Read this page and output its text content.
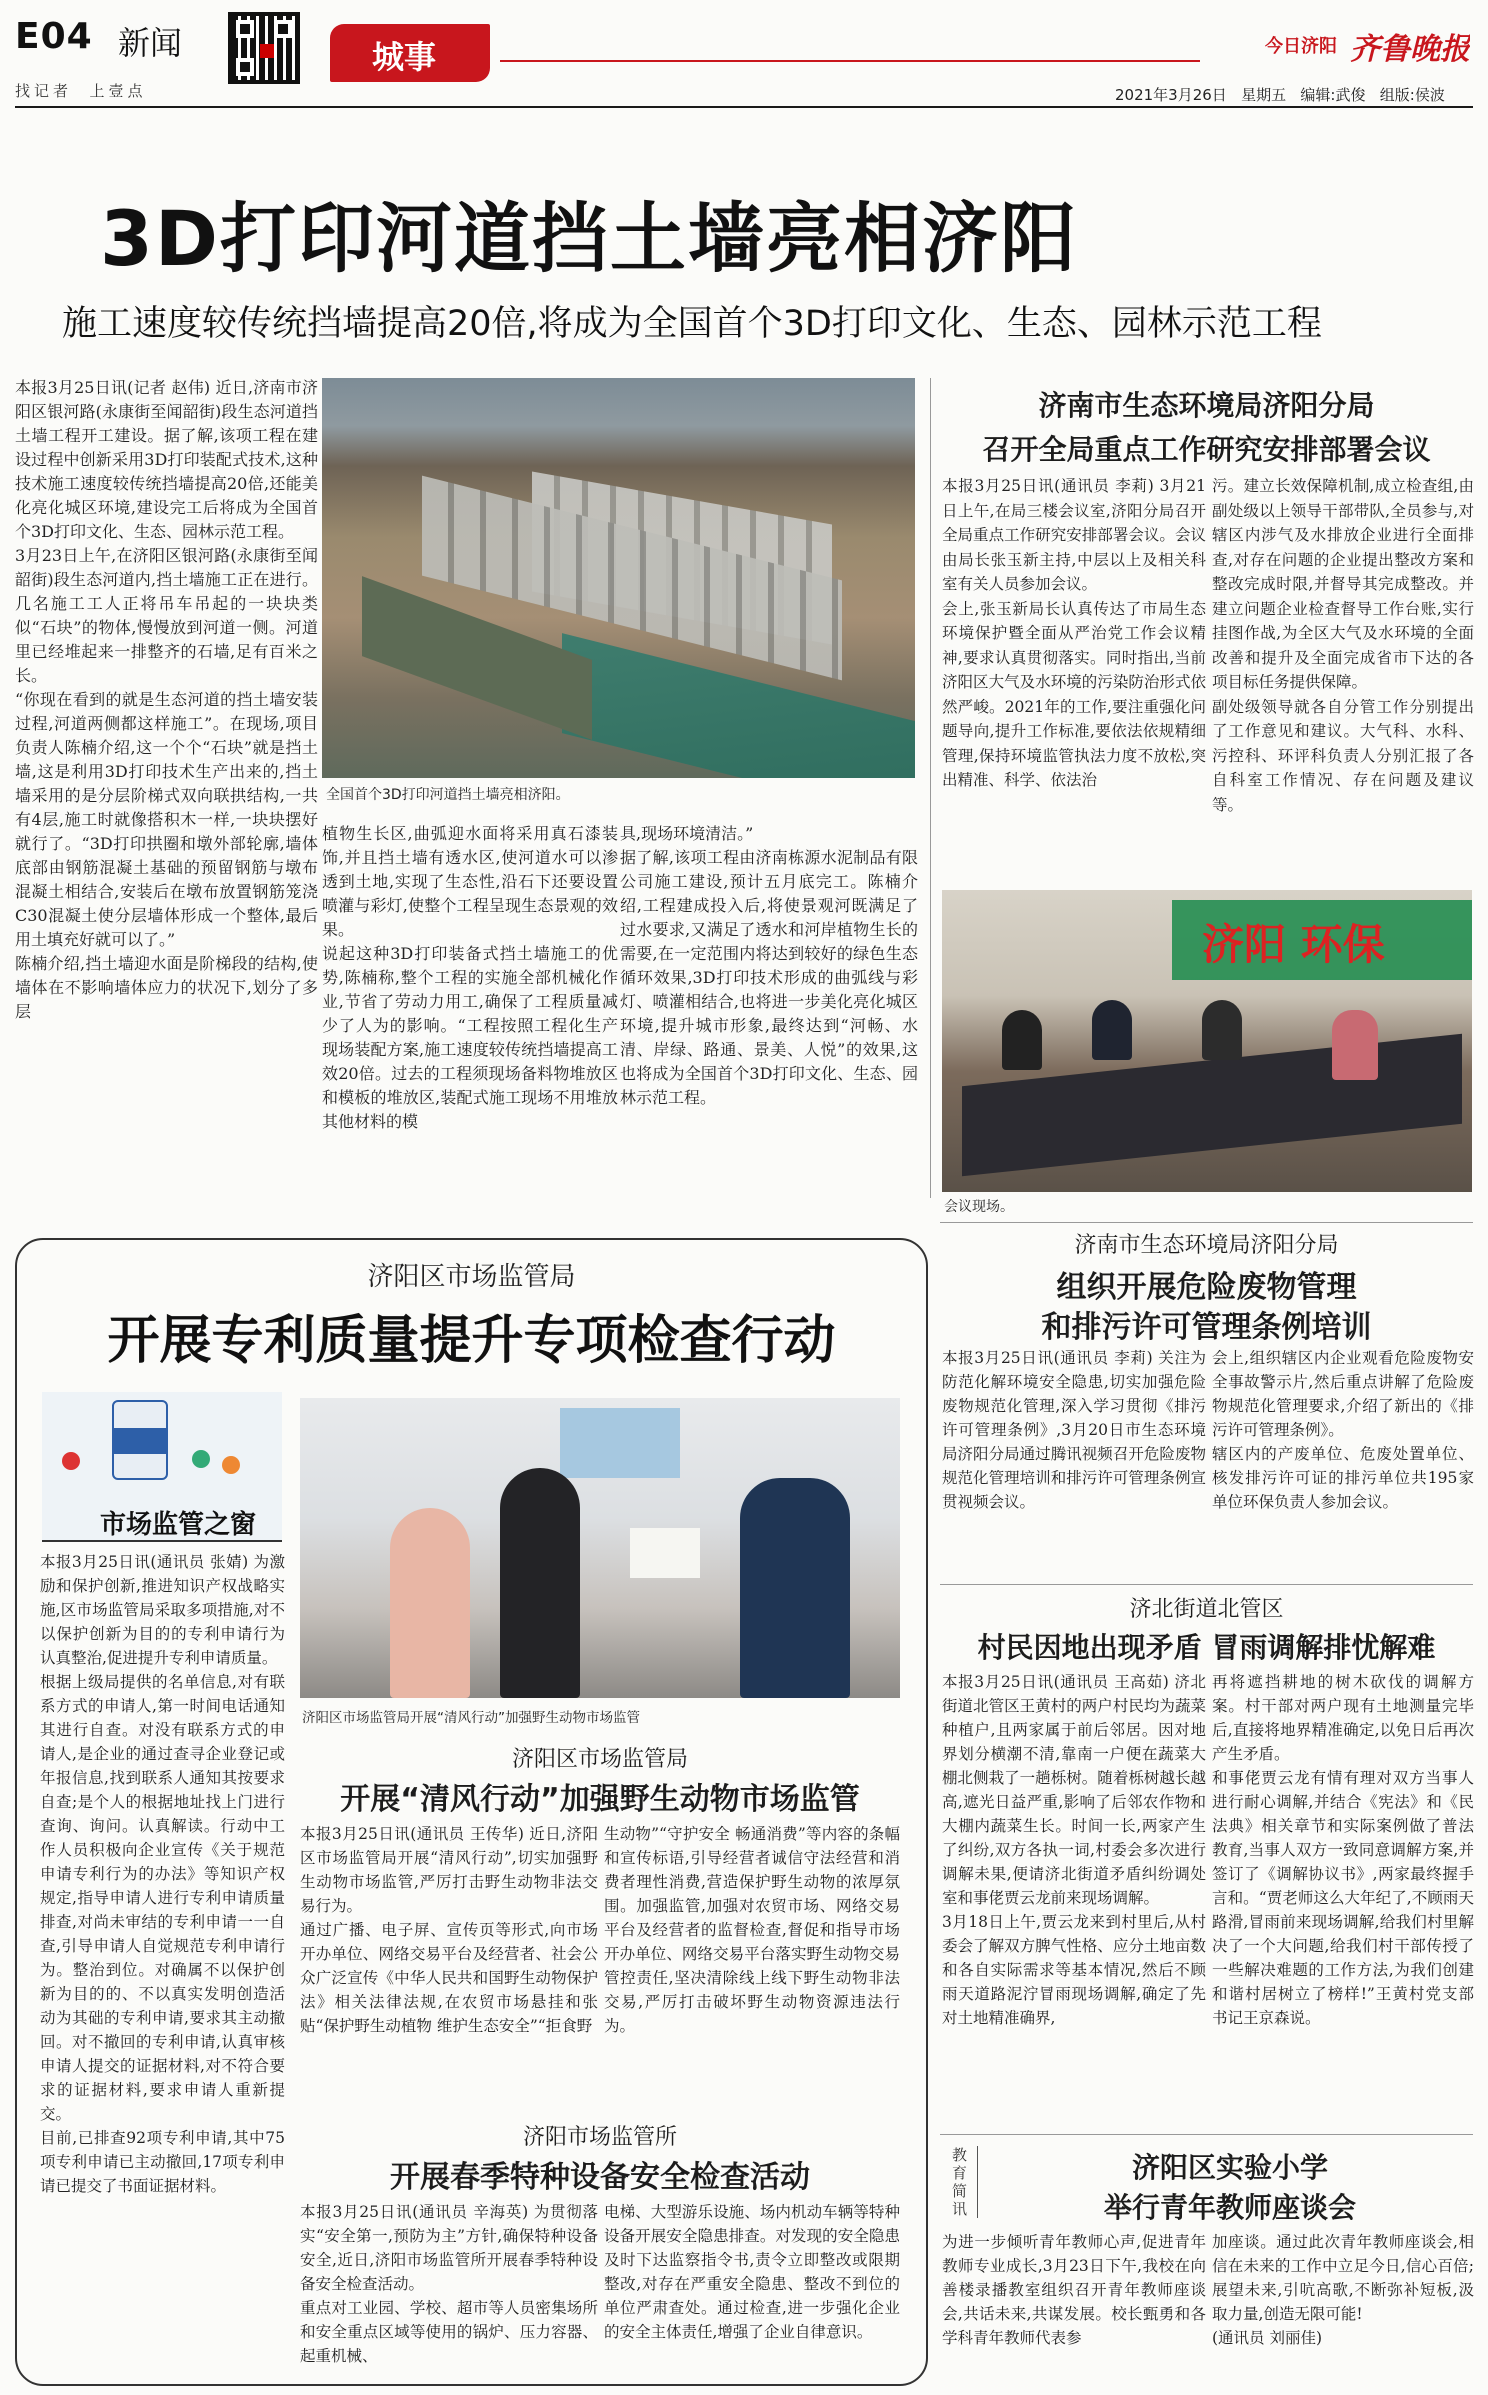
E04 新闻
找记者  上壹点
城事	今日济阳 齐鲁晚报
2021年3月26日   星期五   编辑:武俊   组版:侯波
3D打印河道挡土墙亮相济阳
施工速度较传统挡墙提高20倍,将成为全国首个3D打印文化、生态、园林示范工程
本报3月25日讯(记者 赵伟) 近日,济南市济阳区银河路(永康街至闻韶街)段生态河道挡土墙工程开工建设。据了解,该项工程在建设过程中创新采用3D打印装配式技术,这种技术施工速度较传统挡墙提高20倍,还能美化亮化城区环境,建设完工后将成为全国首个3D打印文化、生态、园林示范工程。
3月23日上午,在济阳区银河路(永康街至闻韶街)段生态河道内,挡土墙施工正在进行。几名施工工人正将吊车吊起的一块块类似“石块”的物体,慢慢放到河道一侧。河道里已经堆起来一排整齐的石墙,足有百米之长。
“你现在看到的就是生态河道的挡土墙安装过程,河道两侧都这样施工”。在现场,项目负责人陈楠介绍,这一个个“石块”就是挡土墙,这是利用3D打印技术生产出来的,挡土墙采用的是分层阶梯式双向联拱结构,一共有4层,施工时就像搭积木一样,一块块摆好就行了。“3D打印拱圈和墩外部轮廓,墙体底部由钢筋混凝土基础的预留钢筋与墩布混凝土相结合,安装后在墩布放置钢筋笼浇C30混凝土使分层墙体形成一个整体,最后用土填充好就可以了。”
陈楠介绍,挡土墙迎水面是阶梯段的结构,使墙体在不影响墙体应力的状况下,划分了多层
全国首个3D打印河道挡土墙亮相济阳。
植物生长区,曲弧迎水面将采用真石漆装饰,并且挡土墙有透水区,使河道水可以渗透到土地,实现了生态性,沿石下还要设置喷灌与彩灯,使整个工程呈现生态景观的效果。
说起这种3D打印装备式挡土墙施工的优势,陈楠称,整个工程的实施全部机械化作业,节省了劳动力用工,确保了工程质量减少了人为的影响。“工程按照工程化生产现场装配方案,施工速度较传统挡墙提高工效20倍。过去的工程须现场备料物堆放区和模板的堆放区,装配式施工现场不用堆放其他材料的模
具,现场环境清洁。”
据了解,该项工程由济南栋源水泥制品有限公司施工建设,预计五月底完工。陈楠介绍,工程建成投入后,将使景观河既满足了过水要求,又满足了透水和河岸植物生长的需要,在一定范围内将达到较好的绿色生态循环效果,3D打印技术形成的曲弧线与彩灯、喷灌相结合,也将进一步美化亮化城区环境,提升城市形象,最终达到“河畅、水清、岸绿、路通、景美、人悦”的效果,这也将成为全国首个3D打印文化、生态、园林示范工程。
济南市生态环境局济阳分局
召开全局重点工作研究安排部署会议
本报3月25日讯(通讯员 李莉) 3月21日上午,在局三楼会议室,济阳分局召开全局重点工作研究安排部署会议。会议由局长张玉新主持,中层以上及相关科室有关人员参加会议。
会上,张玉新局长认真传达了市局生态环境保护暨全面从严治党工作会议精神,要求认真贯彻落实。同时指出,当前济阳区大气及水环境的污染防治形式依然严峻。2021年的工作,要注重强化问题导向,提升工作标准,要依法依规精细管理,保持环境监管执法力度不放松,突出精准、科学、依法治
污。建立长效保障机制,成立检查组,由副处级以上领导干部带队,全员参与,对辖区内涉气及水排放企业进行全面排查,对存在问题的企业提出整改方案和整改完成时限,并督导其完成整改。并建立问题企业检查督导工作台账,实行挂图作战,为全区大气及水环境的全面改善和提升及全面完成省市下达的各项目标任务提供保障。
副处级领导就各自分管工作分别提出了工作意见和建议。大气科、水科、污控科、环评科负责人分别汇报了各自科室工作情况、存在问题及建议等。
济阳 环保
会议现场。
济阳区市场监管局
开展专利质量提升专项检查行动
市场监管之窗
本报3月25日讯(通讯员 张婧) 为激励和保护创新,推进知识产权战略实施,区市场监管局采取多项措施,对不以保护创新为目的的专利申请行为认真整治,促进提升专利申请质量。
根据上级局提供的名单信息,对有联系方式的申请人,第一时间电话通知其进行自查。对没有联系方式的申请人,是企业的通过查寻企业登记或年报信息,找到联系人通知其按要求自查;是个人的根据地址找上门进行查询、询问。认真解读。行动中工作人员积极向企业宣传《关于规范申请专利行为的办法》等知识产权规定,指导申请人进行专利申请质量排查,对尚未审结的专利申请一一自查,引导申请人自觉规范专利申请行为。整治到位。对确属不以保护创新为目的的、不以真实发明创造活动为其础的专利申请,要求其主动撤回。对不撤回的专利申请,认真审核申请人提交的证据材料,对不符合要求的证据材料,要求申请人重新提交。
目前,已排查92项专利申请,其中75项专利申请已主动撤回,17项专利申请已提交了书面证据材料。
济阳区市场监管局开展“清风行动”加强野生动物市场监管
济阳区市场监管局
开展“清风行动”加强野生动物市场监管
本报3月25日讯(通讯员 王传华) 近日,济阳区市场监管局开展“清风行动”,切实加强野生动物市场监管,严厉打击野生动物非法交易行为。
通过广播、电子屏、宣传页等形式,向市场开办单位、网络交易平台及经营者、社会公众广泛宣传《中华人民共和国野生动物保护法》相关法律法规,在农贸市场悬挂和张贴“保护野生动植物 维护生态安全”“拒食野
生动物”“守护安全 畅通消费”等内容的条幅和宣传标语,引导经营者诚信守法经营和消费者理性消费,营造保护野生动物的浓厚氛围。加强监管,加强对农贸市场、网络交易平台及经营者的监督检查,督促和指导市场开办单位、网络交易平台落实野生动物交易管控责任,坚决清除线上线下野生动物非法交易,严厉打击破坏野生动物资源违法行为。
济阳市场监管所
开展春季特种设备安全检查活动
本报3月25日讯(通讯员 辛海英) 为贯彻落实“安全第一,预防为主”方针,确保特种设备安全,近日,济阳市场监管所开展春季特种设备安全检查活动。
重点对工业园、学校、超市等人员密集场所和安全重点区域等使用的锅炉、压力容器、起重机械、
电梯、大型游乐设施、场内机动车辆等特种设备开展安全隐患排查。对发现的安全隐患及时下达监察指令书,责令立即整改或限期整改,对存在严重安全隐患、整改不到位的单位严肃查处。通过检查,进一步强化企业的安全主体责任,增强了企业自律意识。
济南市生态环境局济阳分局
组织开展危险废物管理
和排污许可管理条例培训
本报3月25日讯(通讯员 李莉) 关注为防范化解环境安全隐患,切实加强危险废物规范化管理,深入学习贯彻《排污许可管理条例》,3月20日市生态环境局济阳分局通过腾讯视频召开危险废物规范化管理培训和排污许可管理条例宣贯视频会议。
会上,组织辖区内企业观看危险废物安全事故警示片,然后重点讲解了危险废物规范化管理要求,介绍了新出的《排污许可管理条例》。
辖区内的产废单位、危废处置单位、核发排污许可证的排污单位共195家单位环保负责人参加会议。
济北街道北管区
村民因地出现矛盾 冒雨调解排忧解难
本报3月25日讯(通讯员 王高茹) 济北街道北管区王黄村的两户村民均为蔬菜种植户,且两家属于前后邻居。因对地界划分横潮不清,靠南一户便在蔬菜大棚北侧栽了一趟栎树。随着栎树越长越高,遮光日益严重,影响了后邻农作物和大棚内蔬菜生长。时间一长,两家产生了纠纷,双方各执一词,村委会多次进行调解未果,便请济北街道矛盾纠纷调处室和事佬贾云龙前来现场调解。
3月18日上午,贾云龙来到村里后,从村委会了解双方脾气性格、应分土地亩数和各自实际需求等基本情况,然后不顾雨天道路泥泞冒雨现场调解,确定了先对土地精准确界,
再将遮挡耕地的树木砍伐的调解方案。村干部对两户现有土地测量完毕后,直接将地界精准确定,以免日后再次产生矛盾。
和事佬贾云龙有情有理对双方当事人进行耐心调解,并结合《宪法》和《民法典》相关章节和实际案例做了普法教育,当事人双方一致同意调解方案,并签订了《调解协议书》,两家最终握手言和。“贾老师这么大年纪了,不顾雨天路滑,冒雨前来现场调解,给我们村里解决了一个大问题,给我们村干部传授了一些解决难题的工作方法,为我们创建和谐村居树立了榜样!”王黄村党支部书记王京森说。
教育
简讯
济阳区实验小学
举行青年教师座谈会
为进一步倾听青年教师心声,促进青年教师专业成长,3月23日下午,我校在向善楼录播教室组织召开青年教师座谈会,共话未来,共谋发展。校长甄勇和各学科青年教师代表参
加座谈。通过此次青年教师座谈会,相信在未来的工作中立足今日,信心百倍;展望未来,引吭高歌,不断弥补短板,汲取力量,创造无限可能!
(通讯员 刘丽佳)
